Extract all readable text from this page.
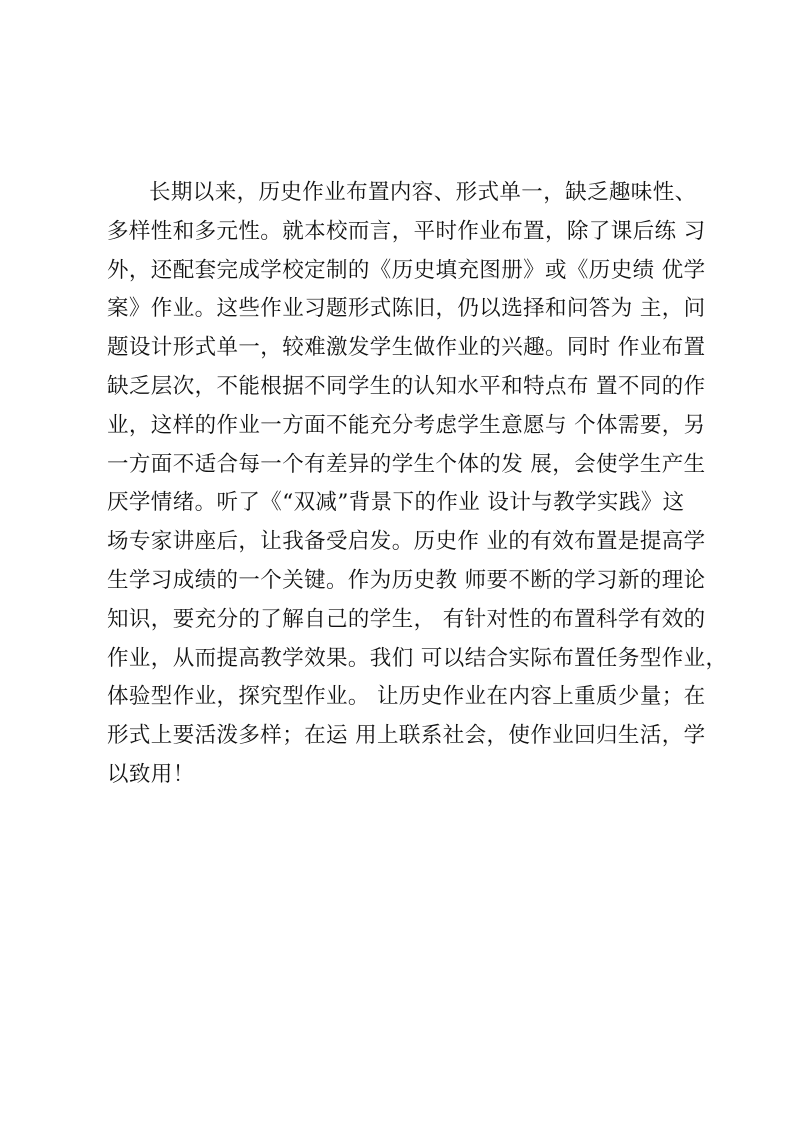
长期以来，历史作业布置内容、形式单一，缺乏趣味性、
多样性和多元性。就本校而言，平时作业布置，除了课后练 习
外，还配套完成学校定制的《历史填充图册》或《历史绩 优学
案》作业。这些作业习题形式陈旧，仍以选择和问答为 主，问
题设计形式单一，较难激发学生做作业的兴趣。同时 作业布置
缺乏层次，不能根据不同学生的认知水平和特点布 置不同的作
业，这样的作业一方面不能充分考虑学生意愿与 个体需要，另
一方面不适合每一个有差异的学生个体的发 展，会使学生产生
厌学情绪。听了《“双减”背景下的作业 设计与教学实践》这
场专家讲座后，让我备受启发。历史作 业的有效布置是提高学
生学习成绩的一个关键。作为历史教 师要不断的学习新的理论
知识，要充分的了解自己的学生， 有针对性的布置科学有效的
作业，从而提高教学效果。我们 可以结合实际布置任务型作业，
体验型作业，探究型作业。 让历史作业在内容上重质少量；在
形式上要活泼多样；在运 用上联系社会，使作业回归生活，学
以致用！
